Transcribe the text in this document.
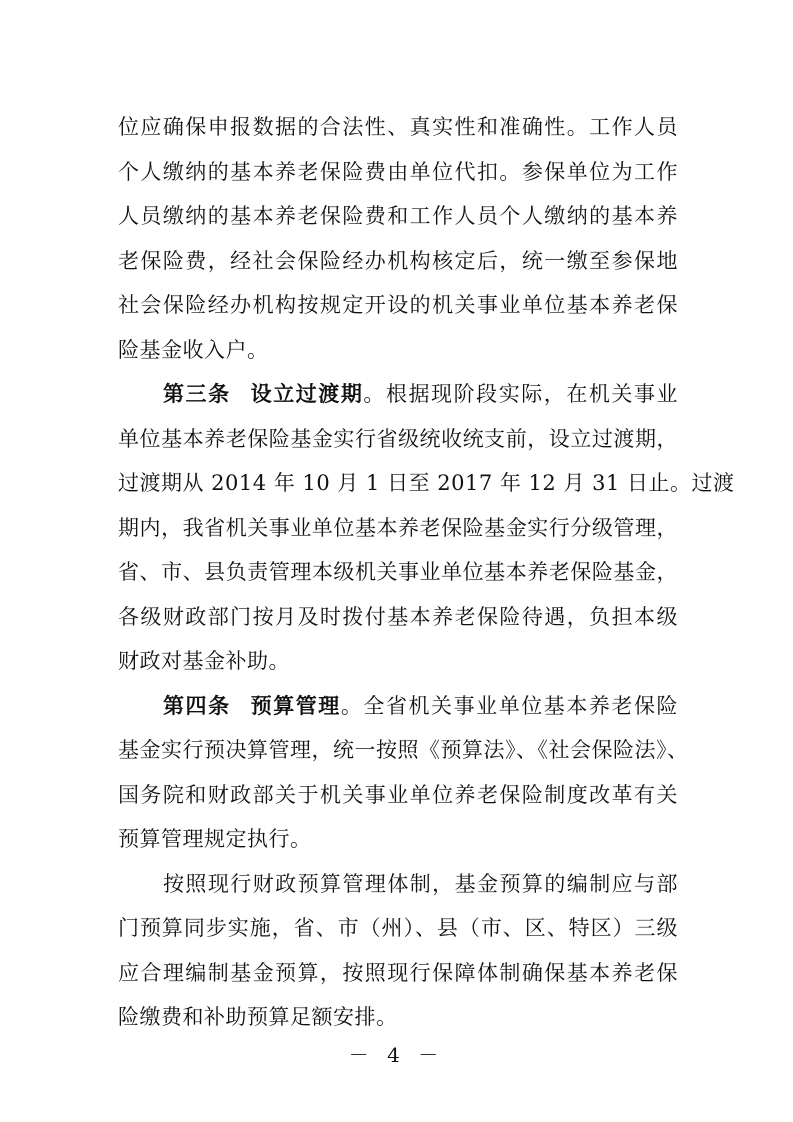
位应确保申报数据的合法性、真实性和准确性。工作人员
个人缴纳的基本养老保险费由单位代扣。参保单位为工作
人员缴纳的基本养老保险费和工作人员个人缴纳的基本养
老保险费，经社会保险经办机构核定后，统一缴至参保地
社会保险经办机构按规定开设的机关事业单位基本养老保
险基金收入户。
第三条 设立过渡期。根据现阶段实际，在机关事业
单位基本养老保险基金实行省级统收统支前，设立过渡期，
过渡期从 2014 年 10 月 1 日至 2017 年 12 月 31 日止。过渡
期内，我省机关事业单位基本养老保险基金实行分级管理，
省、市、县负责管理本级机关事业单位基本养老保险基金，
各级财政部门按月及时拨付基本养老保险待遇，负担本级
财政对基金补助。
第四条 预算管理。全省机关事业单位基本养老保险
基金实行预决算管理，统一按照《预算法》、《社会保险法》、
国务院和财政部关于机关事业单位养老保险制度改革有关
预算管理规定执行。
按照现行财政预算管理体制，基金预算的编制应与部
门预算同步实施，省、市（州）、县（市、区、特区）三级
应合理编制基金预算，按照现行保障体制确保基本养老保
险缴费和补助预算足额安排。
－ 4 －
